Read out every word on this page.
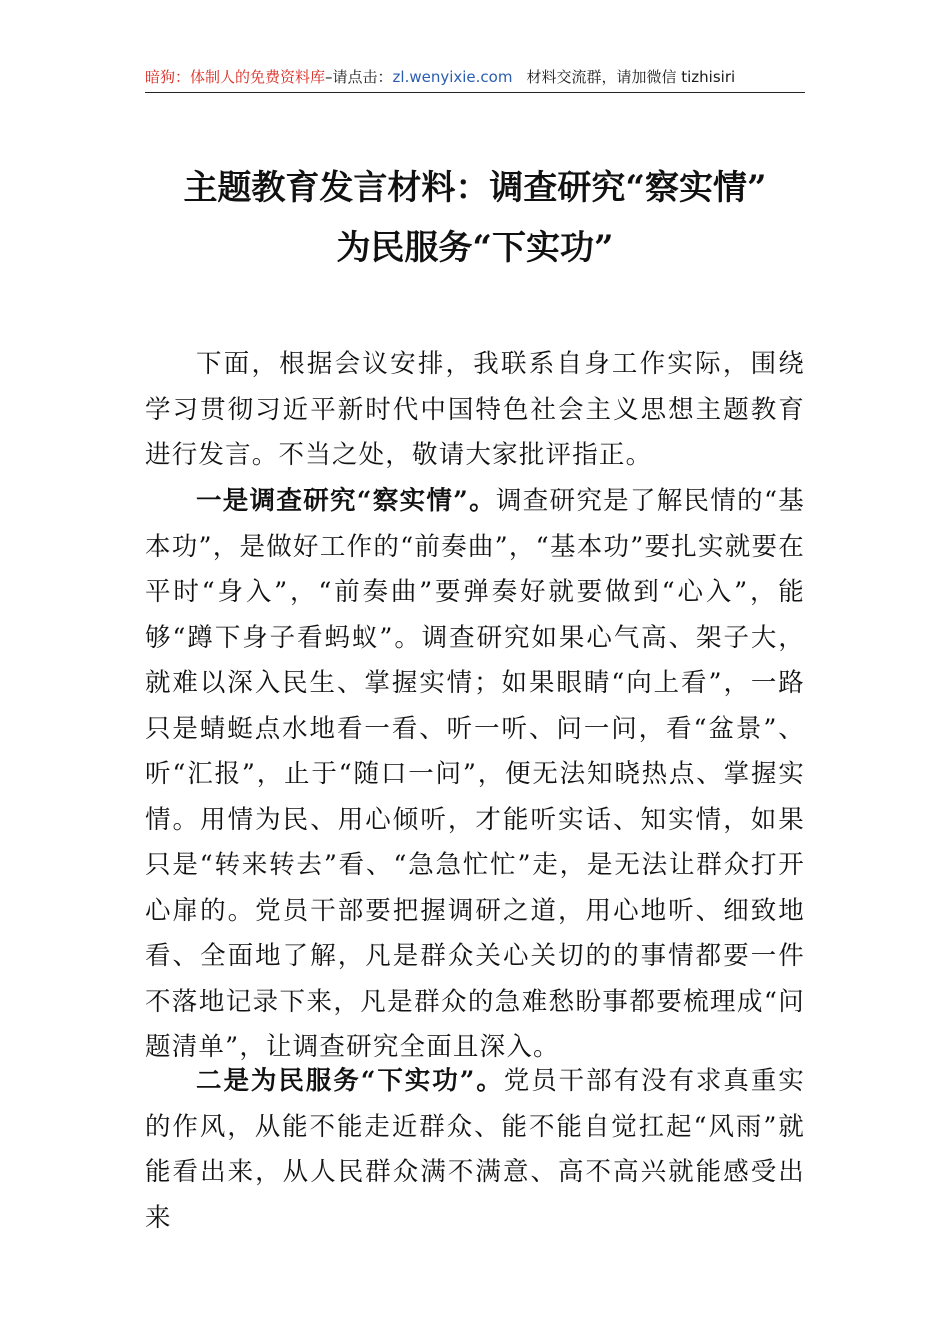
暗狗：体制人的免费资料库–请点击：zl.wenyixie.com 材料交流群，请加微信 tizhisiri
主题教育发言材料：调查研究“察实情”
为民服务“下实功”

下面，根据会议安排，我联系自身工作实际，围绕学习贯彻习近平新时代中国特色社会主义思想主题教育进行发言。不当之处，敬请大家批评指正。

一是调查研究“察实情”。调查研究是了解民情的“基本功”，是做好工作的“前奏曲”，“基本功”要扎实就要在平时“身入”，“前奏曲”要弹奏好就要做到“心入”，能够“蹲下身子看蚂蚁”。调查研究如果心气高、架子大，就难以深入民生、掌握实情；如果眼睛“向上看”，一路只是蜻蜓点水地看一看、听一听、问一问，看“盆景”、听“汇报”，止于“随口一问”，便无法知晓热点、掌握实情。用情为民、用心倾听，才能听实话、知实情，如果只是“转来转去”看、“急急忙忙”走，是无法让群众打开心扉的。党员干部要把握调研之道，用心地听、细致地看、全面地了解，凡是群众关心关切的的事情都要一件不落地记录下来，凡是群众的急难愁盼事都要梳理成“问题清单”，让调查研究全面且深入。

二是为民服务“下实功”。党员干部有没有求真重实的作风，从能不能走近群众、能不能自觉扛起“风雨”就能看出来，从人民群众满不满意、高不高兴就能感受出来
